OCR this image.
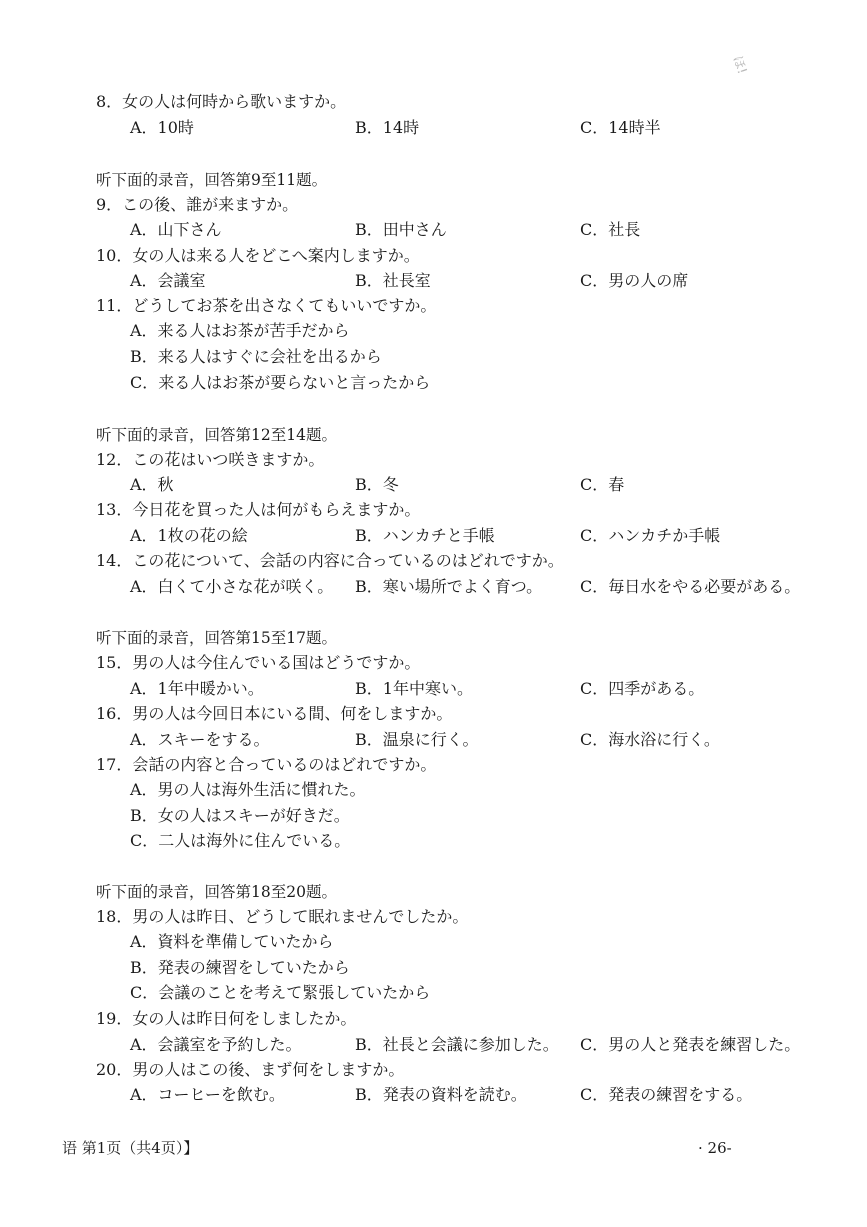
ほ!
8．女の人は何時から歌いますか。
A．10時	B．14時	C．14時半
听下面的录音，回答第9至11题。
9．この後、誰が来ますか。
A．山下さん	B．田中さん	C．社長
10．女の人は来る人をどこへ案内しますか。
A．会議室	B．社長室	C．男の人の席
11．どうしてお茶を出さなくてもいいですか。
A．来る人はお茶が苦手だから
B．来る人はすぐに会社を出るから
C．来る人はお茶が要らないと言ったから
听下面的录音，回答第12至14题。
12．この花はいつ咲きますか。
A．秋	B．冬	C．春
13．今日花を買った人は何がもらえますか。
A．1枚の花の絵	B．ハンカチと手帳	C．ハンカチか手帳
14．この花について、会話の内容に合っているのはどれですか。
A．白くて小さな花が咲く。 B．寒い場所でよく育つ。 C．毎日水をやる必要がある。
听下面的录音，回答第15至17题。
15．男の人は今住んでいる国はどうですか。
A．1年中暖かい。	B．1年中寒い。	C．四季がある。
16．男の人は今回日本にいる間、何をしますか。
A．スキーをする。	B．温泉に行く。	C．海水浴に行く。
17．会話の内容と合っているのはどれですか。
A．男の人は海外生活に慣れた。
B．女の人はスキーが好きだ。
C．二人は海外に住んでいる。
听下面的录音，回答第18至20题。
18．男の人は昨日、どうして眠れませんでしたか。
A．資料を準備していたから
B．発表の練習をしていたから
C．会議のことを考えて緊張していたから
19．女の人は昨日何をしましたか。
A．会議室を予約した。	B．社長と会議に参加した。 C．男の人と発表を練習した。
20．男の人はこの後、まず何をしますか。
A．コーヒーを飲む。	B．発表の資料を読む。	C．発表の練習をする。
语 第1页（共4页）】	· 26-
